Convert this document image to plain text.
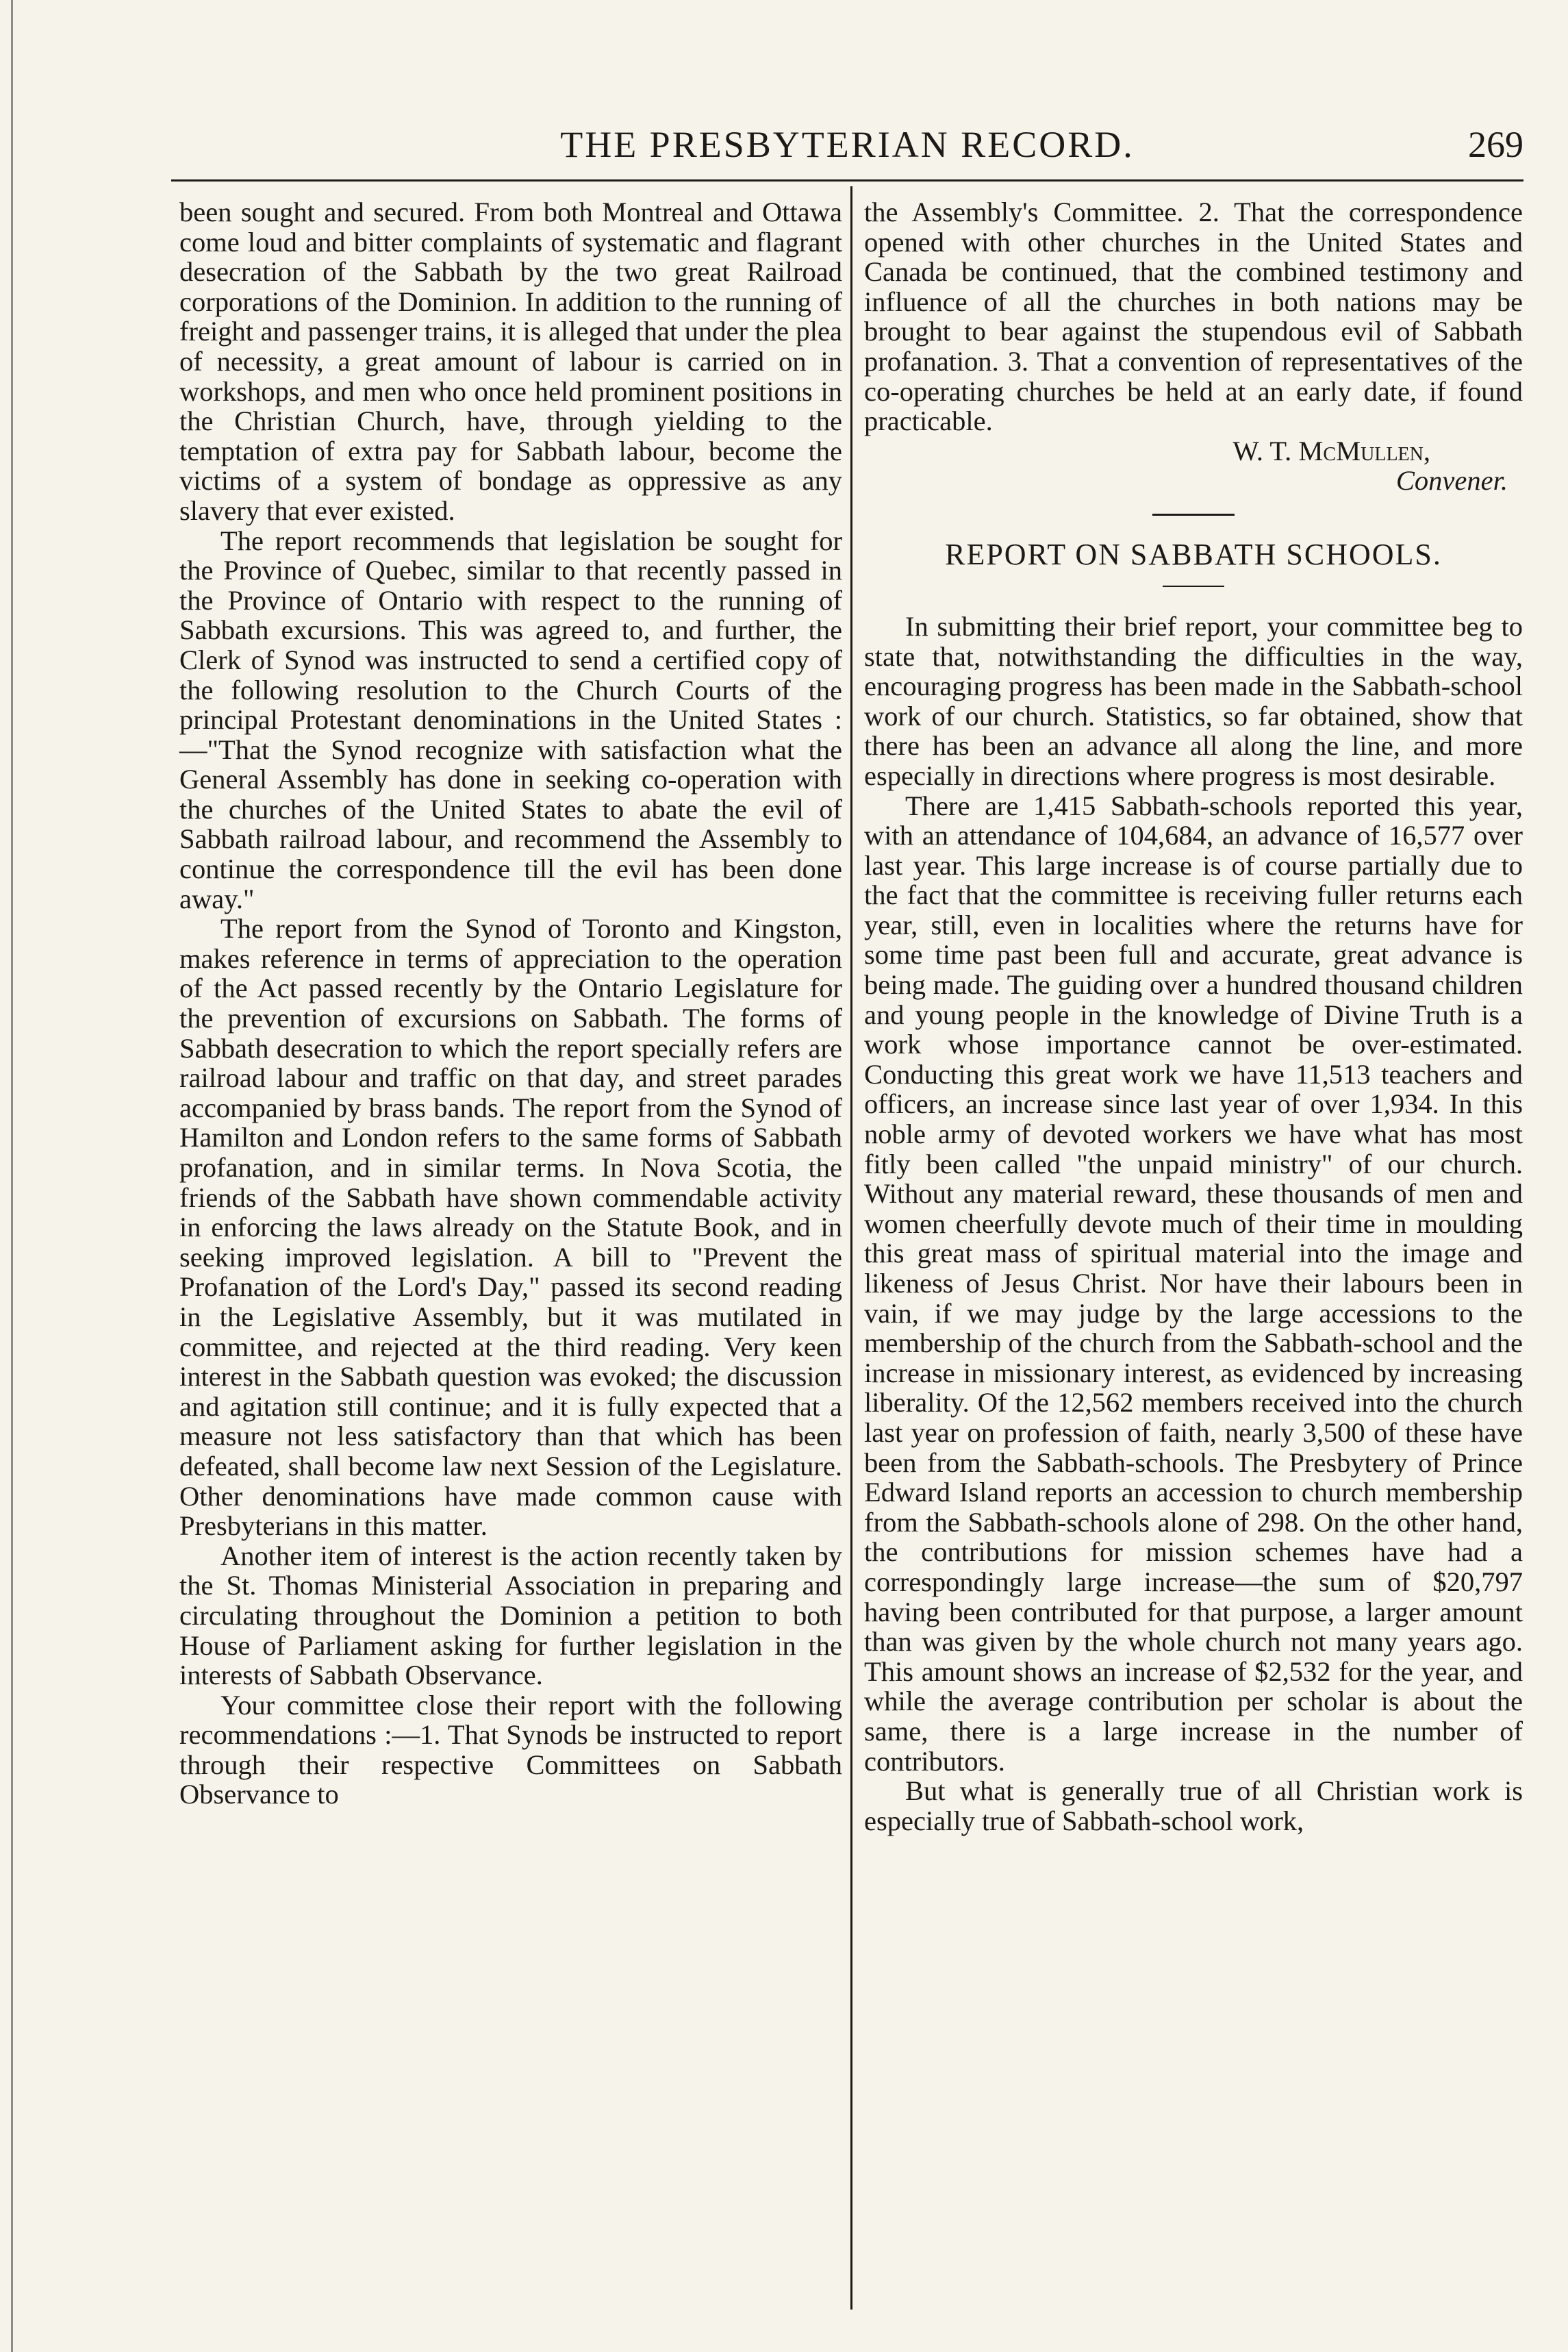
THE PRESBYTERIAN RECORD.	269

been sought and secured. From both Montreal and Ottawa come loud and bitter complaints of systematic and flagrant desecration of the Sabbath by the two great Railroad corporations of the Dominion. In addition to the running of freight and passenger trains, it is alleged that under the plea of necessity, a great amount of labour is carried on in workshops, and men who once held prominent positions in the Christian Church, have, through yielding to the temptation of extra pay for Sabbath labour, become the victims of a system of bondage as oppressive as any slavery that ever existed.

The report recommends that legislation be sought for the Province of Quebec, similar to that recently passed in the Province of Ontario with respect to the running of Sabbath excursions. This was agreed to, and further, the Clerk of Synod was instructed to send a certified copy of the following resolution to the Church Courts of the principal Protestant denominations in the United States :—"That the Synod recognize with satisfaction what the General Assembly has done in seeking co-operation with the churches of the United States to abate the evil of Sabbath railroad labour, and recommend the Assembly to continue the correspondence till the evil has been done away."

The report from the Synod of Toronto and Kingston, makes reference in terms of appreciation to the operation of the Act passed recently by the Ontario Legislature for the prevention of excursions on Sabbath. The forms of Sabbath desecration to which the report specially refers are railroad labour and traffic on that day, and street parades accompanied by brass bands. The report from the Synod of Hamilton and London refers to the same forms of Sabbath profanation, and in similar terms. In Nova Scotia, the friends of the Sabbath have shown commendable activity in enforcing the laws already on the Statute Book, and in seeking improved legislation. A bill to "Prevent the Profanation of the Lord's Day," passed its second reading in the Legislative Assembly, but it was mutilated in committee, and rejected at the third reading. Very keen interest in the Sabbath question was evoked; the discussion and agitation still continue; and it is fully expected that a measure not less satisfactory than that which has been defeated, shall become law next Session of the Legislature. Other denominations have made common cause with Presbyterians in this matter.

Another item of interest is the action recently taken by the St. Thomas Ministerial Association in preparing and circulating throughout the Dominion a petition to both House of Parliament asking for further legislation in the interests of Sabbath Observance.

Your committee close their report with the following recommendations :—1. That Synods be instructed to report through their respective Committees on Sabbath Observance to

the Assembly's Committee. 2. That the correspondence opened with other churches in the United States and Canada be continued, that the combined testimony and influence of all the churches in both nations may be brought to bear against the stupendous evil of Sabbath profanation. 3. That a convention of representatives of the co-operating churches be held at an early date, if found practicable.

W. T. McMullen,
Convener.

REPORT ON SABBATH SCHOOLS.

In submitting their brief report, your committee beg to state that, notwithstanding the difficulties in the way, encouraging progress has been made in the Sabbath-school work of our church. Statistics, so far obtained, show that there has been an advance all along the line, and more especially in directions where progress is most desirable.

There are 1,415 Sabbath-schools reported this year, with an attendance of 104,684, an advance of 16,577 over last year. This large increase is of course partially due to the fact that the committee is receiving fuller returns each year, still, even in localities where the returns have for some time past been full and accurate, great advance is being made. The guiding over a hundred thousand children and young people in the knowledge of Divine Truth is a work whose importance cannot be over-estimated. Conducting this great work we have 11,513 teachers and officers, an increase since last year of over 1,934. In this noble army of devoted workers we have what has most fitly been called "the unpaid ministry" of our church. Without any material reward, these thousands of men and women cheerfully devote much of their time in moulding this great mass of spiritual material into the image and likeness of Jesus Christ. Nor have their labours been in vain, if we may judge by the large accessions to the membership of the church from the Sabbath-school and the increase in missionary interest, as evidenced by increasing liberality. Of the 12,562 members received into the church last year on profession of faith, nearly 3,500 of these have been from the Sabbath-schools. The Presbytery of Prince Edward Island reports an accession to church membership from the Sabbath-schools alone of 298. On the other hand, the contributions for mission schemes have had a correspondingly large increase—the sum of $20,797 having been contributed for that purpose, a larger amount than was given by the whole church not many years ago. This amount shows an increase of $2,532 for the year, and while the average contribution per scholar is about the same, there is a large increase in the number of contributors.

But what is generally true of all Christian work is especially true of Sabbath-school work,
